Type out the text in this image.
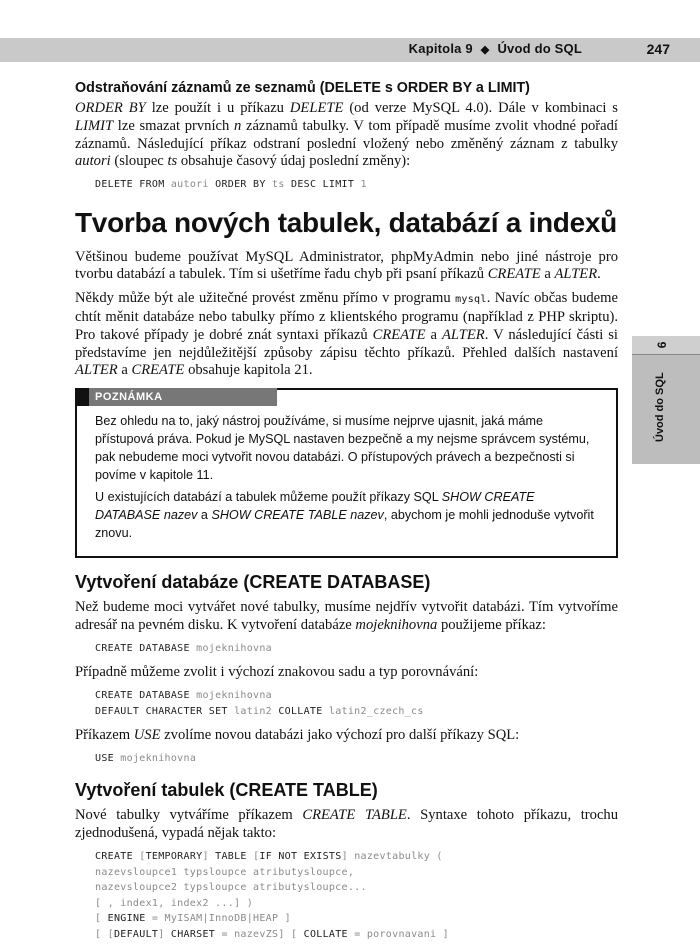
Kapitola 9 ◆ Úvod do SQL	247
9
Úvod do SQL
Odstraňování záznamů ze seznamů (DELETE s ORDER BY a LIMIT)

ORDER BY lze použít i u příkazu DELETE (od verze MySQL 4.0). Dále v kombinaci s LIMIT lze smazat prvních n záznamů tabulky. V tom případě musíme zvolit vhodné pořadí záznamů. Následující příkaz odstraní poslední vložený nebo změněný záznam z tabulky autori (sloupec ts obsahuje časový údaj poslední změny):

DELETE FROM autori ORDER BY ts DESC LIMIT 1
Tvorba nových tabulek, databází a indexů

Většinou budeme používat MySQL Administrator, phpMyAdmin nebo jiné nástroje pro tvorbu databází a tabulek. Tím si ušetříme řadu chyb při psaní příkazů CREATE a ALTER.

Někdy může být ale užitečné provést změnu přímo v programu mysql. Navíc občas budeme chtít měnit databáze nebo tabulky přímo z klientského programu (například z PHP skriptu). Pro takové případy je dobré znát syntaxi příkazů CREATE a ALTER. V následující části si představíme jen nejdůležitější způsoby zápisu těchto příkazů. Přehled dalších nastavení ALTER a CREATE obsahuje kapitola 21.

POZNÁMKA

Bez ohledu na to, jaký nástroj používáme, si musíme nejprve ujasnit, jaká máme přístupová práva. Pokud je MySQL nastaven bezpečně a my nejsme správcem systému, pak nebudeme moci vytvořit novou databázi. O přístupových právech a bezpečnosti si povíme v kapitole 11.

U existujících databází a tabulek můžeme použít příkazy SQL SHOW CREATE DATABASE nazev a SHOW CREATE TABLE nazev, abychom je mohli jednoduše vytvořit znovu.

Vytvoření databáze (CREATE DATABASE)

Než budeme moci vytvářet nové tabulky, musíme nejdřív vytvořit databázi. Tím vytvoříme adresář na pevném disku. K vytvoření databáze mojeknihovna použijeme příkaz:

CREATE DATABASE mojeknihovna

Případně můžeme zvolit i výchozí znakovou sadu a typ porovnávání:

CREATE DATABASE mojeknihovna
DEFAULT CHARACTER SET latin2 COLLATE latin2_czech_cs

Příkazem USE zvolíme novou databázi jako výchozí pro další příkazy SQL:

USE mojeknihovna
Vytvoření tabulek (CREATE TABLE)

Nové tabulky vytváříme příkazem CREATE TABLE. Syntaxe tohoto příkazu, trochu zjednodušená, vypadá nějak takto:

CREATE [TEMPORARY] TABLE [IF NOT EXISTS] nazevtabulky (
nazevsloupce1 typsloupce atributysloupce,
nazevsloupce2 typsloupce atributysloupce...
[ , index1, index2 ...] )
[ ENGINE = MyISAM|InnoDB|HEAP ]
[ [DEFAULT] CHARSET = nazevZS] [ COLLATE = porovnavani ]
